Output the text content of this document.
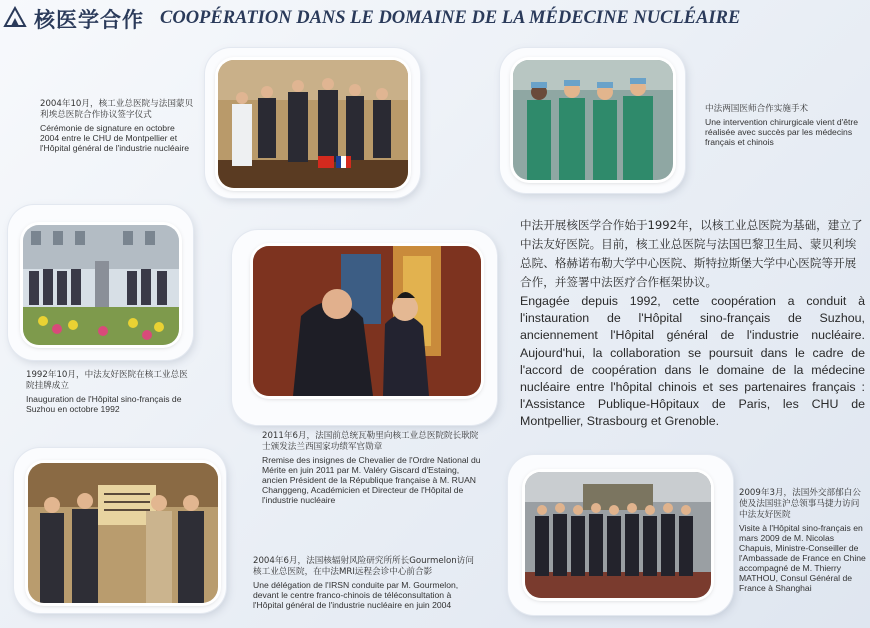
核医学合作 COOPÉRATION DANS LE DOMAINE DE LA MÉDECINE NUCLÉAIRE
2004年10月，核工业总医院与法国蒙贝利埃总医院合作协议签字仪式
Cérémonie de signature en octobre 2004 entre le CHU de Montpellier et l'Hôpital général de l'industrie nucléaire
中法两国医师合作实施手术
Une intervention chirurgicale vient d'être réalisée avec succès par les médecins français et chinois
1992年10月，中法友好医院在核工业总医院挂牌成立
Inauguration de l'Hôpital sino-français de Suzhou en octobre 1992
2011年6月，法国前总统瓦勒里向核工业总医院院长耿院士颁发法兰西国家功绩军官勋章
Rremise des insignes de Chevalier de l'Ordre National du Mérite en juin 2011 par M. Valéry Giscard d'Estaing, ancien Président de la République française à M. RUAN Changgeng, Académicien et Directeur de l'Hôpital de l'industrie nucléaire
2004年6月，法国核辐射风险研究所所长Gourmelon访问核工业总医院，在中法MRI远程会诊中心前合影
Une délégation de l'IRSN conduite par M. Gourmelon, devant le centre franco-chinois de téléconsultation à l'Hôpital général de l'industrie nucléaire en juin 2004
2009年3月，法国外交部郁白公使及法国驻沪总领事马捷力访问中法友好医院
Visite à l'Hôpital sino-français en mars 2009 de M. Nicolas Chapuis, Ministre-Conseiller de l'Ambassade de France en Chine accompagné de M. Thierry MATHOU, Consul Général de France à Shanghai
中法开展核医学合作始于1992年，以核工业总医院为基础，建立了中法友好医院。目前，核工业总医院与法国巴黎卫生局、蒙贝利埃总院、格赫诺布勒大学中心医院、斯特拉斯堡大学中心医院等开展合作，并签署中法医疗合作框架协议。
Engagée depuis 1992, cette coopération a conduit à l'instauration de l'Hôpital sino-français de Suzhou, anciennement l'Hôpital général de l'industrie nucléaire. Aujourd'hui, la collaboration se poursuit dans le cadre de l'accord de coopération dans le domaine de la médecine nucléaire entre l'hôpital chinois et ses partenaires français : l'Assistance Publique-Hôpitaux de Paris, les CHU de Montpellier, Strasbourg et Grenoble.
